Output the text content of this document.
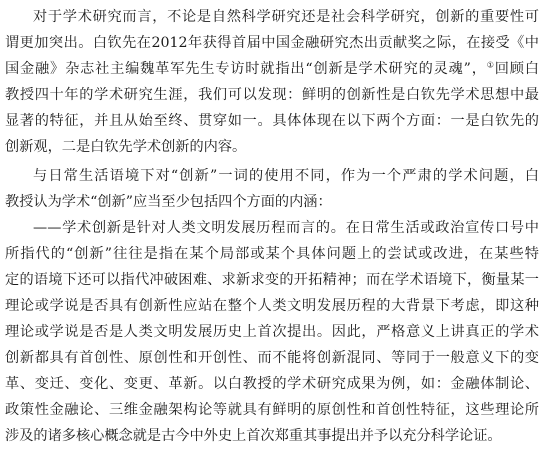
对于学术研究而言，不论是自然科学研究还是社会科学研究，创新的重要性可
谓更加突出。白钦先在2012年获得首届中国金融研究杰出贡献奖之际，在接受《中
国金融》杂志社主编魏革军先生专访时就指出“创新是学术研究的灵魂”，①回顾白
教授四十年的学术研究生涯，我们可以发现：鲜明的创新性是白钦先学术思想中最
显著的特征，并且从始至终、贯穿如一。具体体现在以下两个方面：一是白钦先的
创新观，二是白钦先学术创新的内容。
与日常生活语境下对“创新”一词的使用不同，作为一个严肃的学术问题，白
教授认为学术“创新”应当至少包括四个方面的内涵：
——学术创新是针对人类文明发展历程而言的。在日常生活或政治宣传口号中
所指代的“创新”往往是指在某个局部或某个具体问题上的尝试或改进，在某些特
定的语境下还可以指代冲破困难、求新求变的开拓精神；而在学术语境下，衡量某一
理论或学说是否具有创新性应站在整个人类文明发展历程的大背景下考虑，即这种
理论或学说是否是人类文明发展历史上首次提出。因此，严格意义上讲真正的学术
创新都具有首创性、原创性和开创性、而不能将创新混同、等同于一般意义下的变
革、变迁、变化、变更、革新。以白教授的学术研究成果为例，如：金融体制论、
政策性金融论、三维金融架构论等就具有鲜明的原创性和首创性特征，这些理论所
涉及的诸多核心概念就是古今中外史上首次郑重其事提出并予以充分科学论证。
